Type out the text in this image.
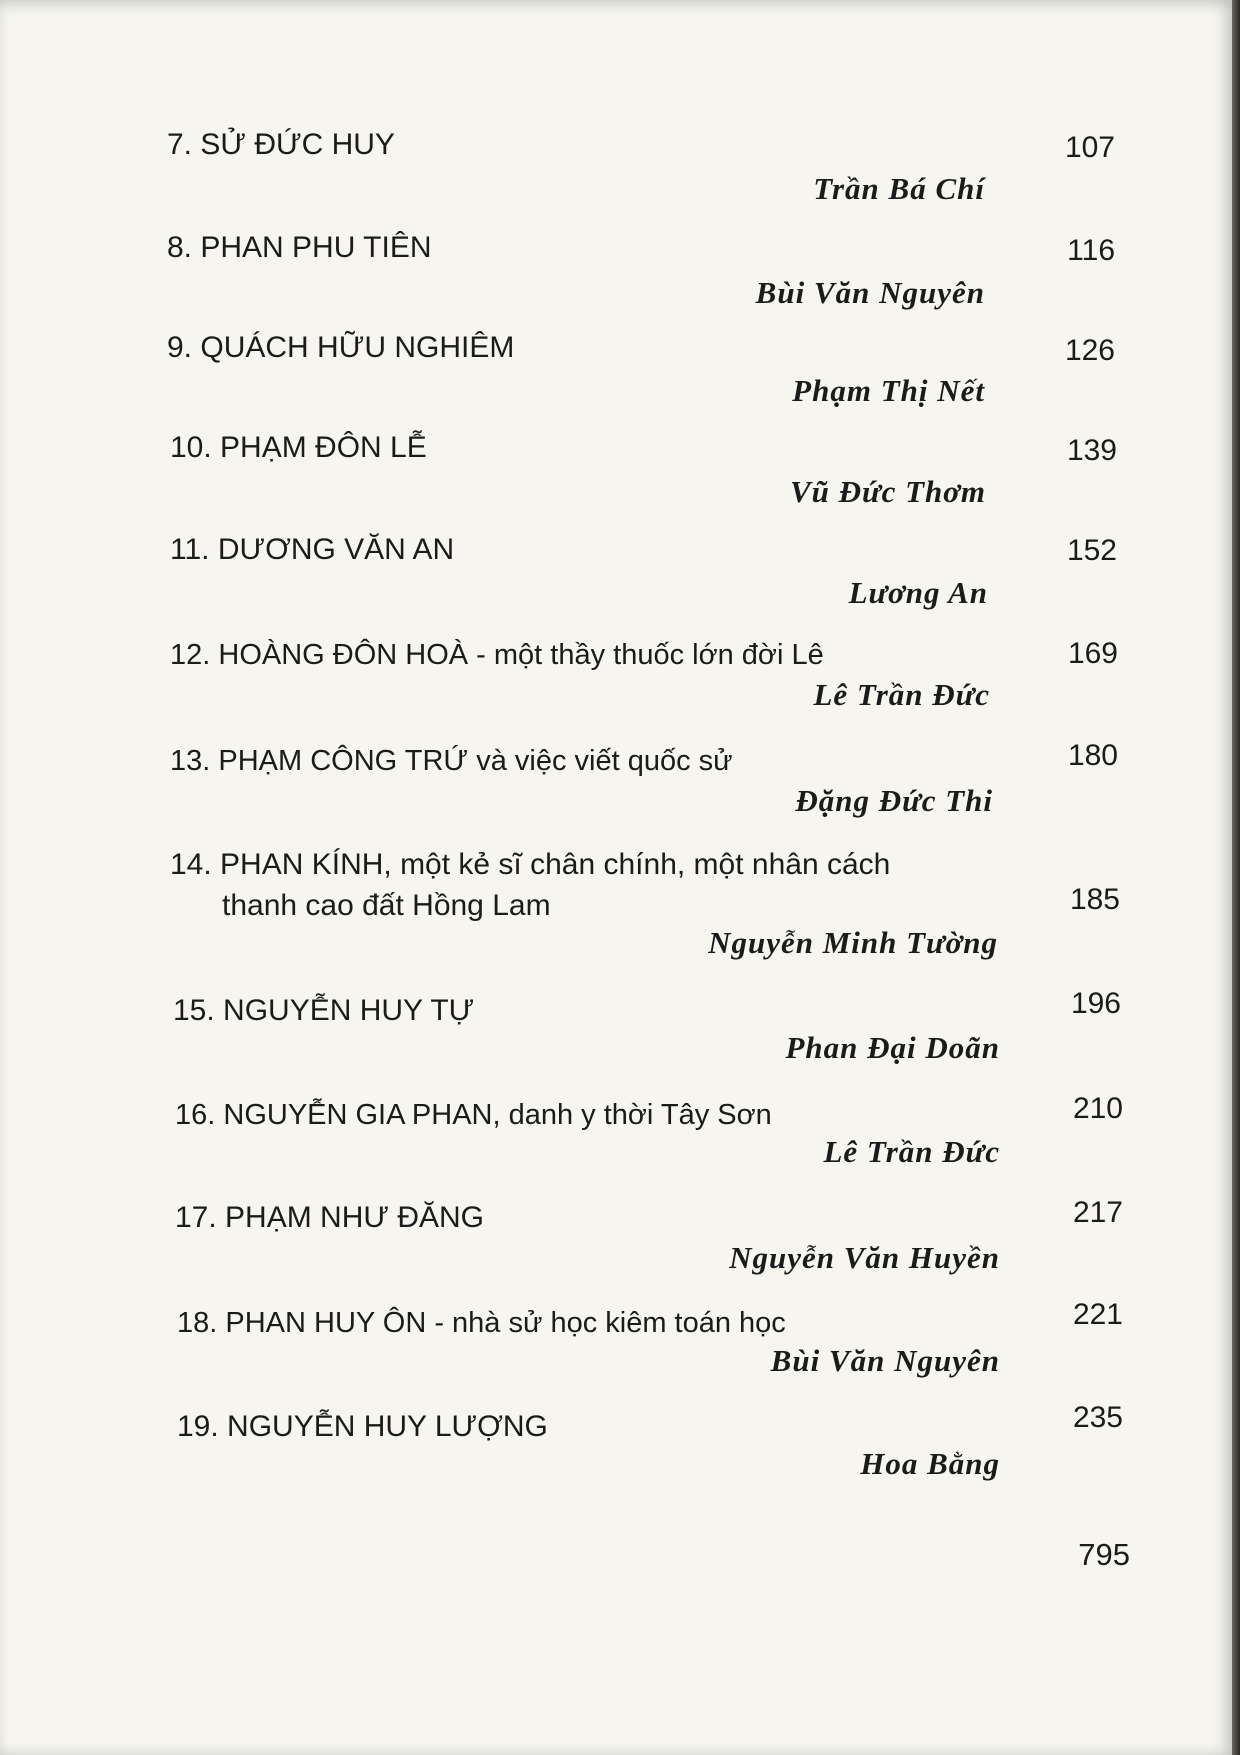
7. SỬ ĐỨC HUY	107
Trần Bá Chí
8. PHAN PHU TIÊN	116
Bùi Văn Nguyên
9. QUÁCH HỮU NGHIÊM	126
Phạm Thị Nết
10. PHẠM ĐÔN LỄ	139
Vũ Đức Thơm
11. DƯƠNG VĂN AN	152
Lương An
12. HOÀNG ĐÔN HOÀ - một thầy thuốc lớn đời Lê	169
Lê Trần Đức
13. PHẠM CÔNG TRỨ và việc viết quốc sử	180
Đặng Đức Thi
14. PHAN KÍNH, một kẻ sĩ chân chính, một nhân cách
thanh cao đất Hồng Lam	185
Nguyễn Minh Tường
15. NGUYỄN HUY TỰ	196
Phan Đại Doãn
16. NGUYỄN GIA PHAN, danh y thời Tây Sơn	210
Lê Trần Đức
17. PHẠM NHƯ ĐĂNG	217
Nguyễn Văn Huyền
18. PHAN HUY ÔN - nhà sử học kiêm toán học	221
Bùi Văn Nguyên
19. NGUYỄN HUY LƯỢNG	235
Hoa Bằng
795
